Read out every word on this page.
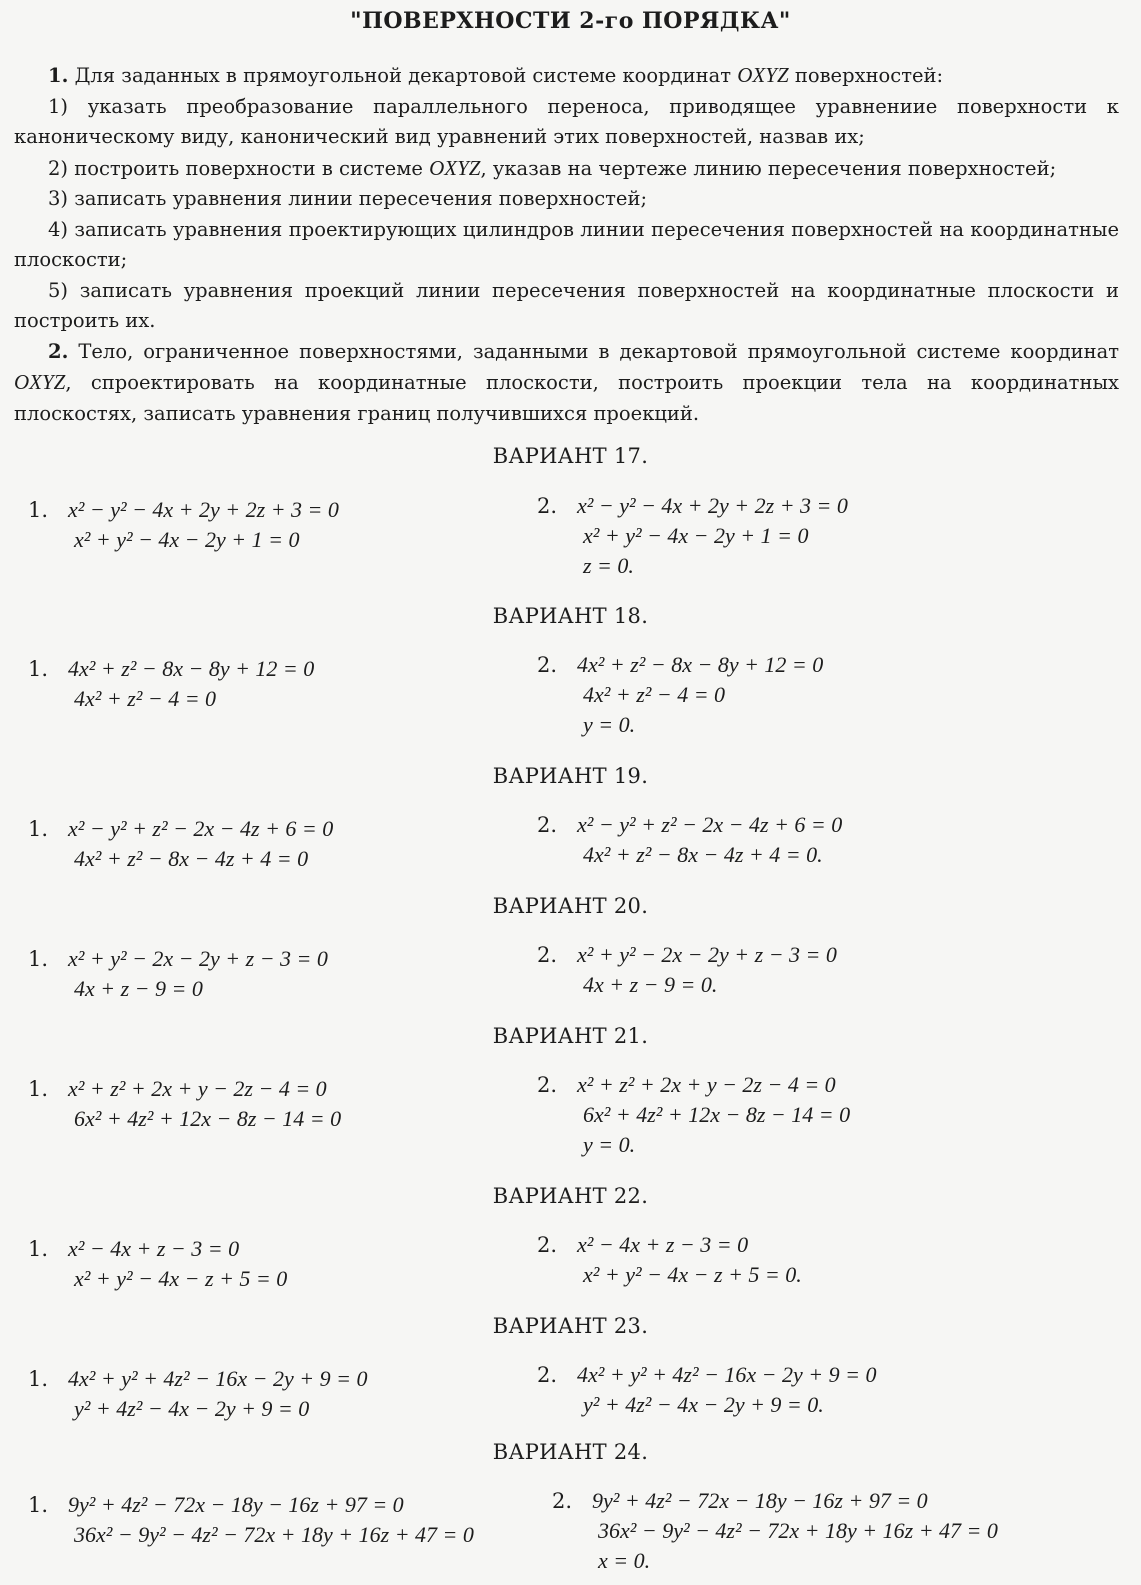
"ПОВЕРХНОСТИ 2-го ПОРЯДКА"

1. Для заданных в прямоугольной декартовой системе координат OXYZ поверхностей:

1) указать преобразование параллельного переноса, приводящее уравнениие поверхности к каноническому виду, канонический вид уравнений этих поверхностей, назвав их;

2) построить поверхности в системе OXYZ, указав на чертеже линию пересечения поверхностей;

3) записать уравнения линии пересечения поверхностей;

4) записать уравнения проектирующих цилиндров линии пересечения поверхностей на координатные плоскости;

5) записать уравнения проекций линии пересечения поверхностей на координатные плоскости и построить их.

2. Тело, ограниченное поверхностями, заданными в декартовой прямоугольной системе координат OXYZ, спроектировать на координатные плоскости, построить проекции тела на координатных плоскостях, записать уравнения границ получившихся проекций.

ВАРИАНТ 17.
1. x² − y² − 4x + 2y + 2z + 3 = 0
x² + y² − 4x − 2y + 1 = 0
2. x² − y² − 4x + 2y + 2z + 3 = 0
x² + y² − 4x − 2y + 1 = 0
z = 0.
ВАРИАНТ 18.
1. 4x² + z² − 8x − 8y + 12 = 0
4x² + z² − 4 = 0
2. 4x² + z² − 8x − 8y + 12 = 0
4x² + z² − 4 = 0
y = 0.
ВАРИАНТ 19.
1. x² − y² + z² − 2x − 4z + 6 = 0
4x² + z² − 8x − 4z + 4 = 0
2. x² − y² + z² − 2x − 4z + 6 = 0
4x² + z² − 8x − 4z + 4 = 0.
ВАРИАНТ 20.
1. x² + y² − 2x − 2y + z − 3 = 0
4x + z − 9 = 0
2. x² + y² − 2x − 2y + z − 3 = 0
4x + z − 9 = 0.
ВАРИАНТ 21.
1. x² + z² + 2x + y − 2z − 4 = 0
6x² + 4z² + 12x − 8z − 14 = 0
2. x² + z² + 2x + y − 2z − 4 = 0
6x² + 4z² + 12x − 8z − 14 = 0
y = 0.
ВАРИАНТ 22.
1. x² − 4x + z − 3 = 0
x² + y² − 4x − z + 5 = 0
2. x² − 4x + z − 3 = 0
x² + y² − 4x − z + 5 = 0.
ВАРИАНТ 23.
1. 4x² + y² + 4z² − 16x − 2y + 9 = 0
y² + 4z² − 4x − 2y + 9 = 0
2. 4x² + y² + 4z² − 16x − 2y + 9 = 0
y² + 4z² − 4x − 2y + 9 = 0.
ВАРИАНТ 24.
1. 9y² + 4z² − 72x − 18y − 16z + 97 = 0
36x² − 9y² − 4z² − 72x + 18y + 16z + 47 = 0
2. 9y² + 4z² − 72x − 18y − 16z + 97 = 0
36x² − 9y² − 4z² − 72x + 18y + 16z + 47 = 0
x = 0.
